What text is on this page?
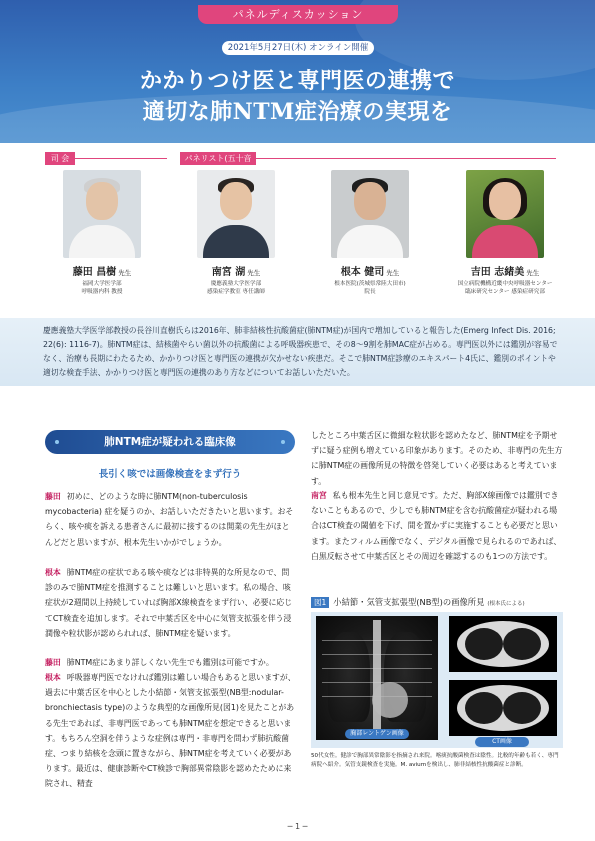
パネルディスカッション
2021年5月27日(木) オンライン開催
かかりつけ医と専門医の連携で
適切な肺NTM症治療の実現を
司 会	パネリスト(五十音
藤田 昌樹 先生
福岡大学医学部
呼吸器内科 教授
南宮 湖 先生
慶應義塾大学医学部
感染症学教室 専任講師
根本 健司 先生
根本医院(茨城県常陸大田市)
院長
吉田 志緒美 先生
国立病院機構近畿中央呼吸器センター
臨床研究センター 感染症研究部

慶應義塾大学医学部教授の長谷川直樹氏らは2016年、肺非結核性抗酸菌症(肺NTM症)が国内で増加していると報告した(Emerg Infect Dis. 2016; 22(6): 1116-7)。肺NTM症は、結核菌やらい菌以外の抗酸菌による呼吸器疾患で、その8～9割を肺MAC症が占める。専門医以外には鑑別が容易でなく、治療も長期にわたるため、かかりつけ医と専門医の連携が欠かせない疾患だ。そこで肺NTM症診療のエキスパート4氏に、鑑別のポイントや適切な検査手法、かかりつけ医と専門医の連携のあり方などについてお話しいただいた。

肺NTM症が疑われる臨床像
長引く咳では画像検査をまず行う

藤田 初めに、どのような時に肺NTM(non-tuberculosis mycobacteria) 症を疑うのか、お話しいただきたいと思います。おそらく、咳や痰を訴える患者さんに最初に接するのは開業の先生がほとんどだと思いますが、根本先生いかがでしょうか。

根本 肺NTM症の症状である咳や痰などは非特異的な所見なので、問診のみで肺NTM症を推測することは難しいと思います。私の場合、咳症状が2週間以上持続していれば胸部X線検査をまず行い、必要に応じてCT検査を追加します。それで中葉舌区を中心に気管支拡張を伴う浸潤像や粒状影が認められれば、肺NTM症を疑います。

藤田 肺NTM症にあまり詳しくない先生でも鑑別は可能ですか。

根本 呼吸器専門医でなければ鑑別は難しい場合もあると思いますが、過去に中葉舌区を中心とした小結節・気管支拡張型(NB型:nodular-bronchiectasis type)のような典型的な画像所見(図1)を見たことがある先生であれば、非専門医であっても肺NTM症を想定できると思います。もちろん空洞を伴うような症例は専門・非専門を問わず肺抗酸菌症、つまり結核を念頭に置きながら、肺NTM症を考えていく必要があります。最近は、健康診断やCT検診で胸部異常陰影を認めたために来院され、精査

したところ中葉舌区に微細な粒状影を認めたなど、肺NTM症を予期せずに疑う症例も増えている印象があります。そのため、非専門の先生方に肺NTM症の画像所見の特徴を啓発していく必要はあると考えています。

南宮 私も根本先生と同じ意見です。ただ、胸部X線画像では鑑別できないこともあるので、少しでも肺NTM症を含む抗酸菌症が疑われる場合はCT検査の閾値を下げ、間を置かずに実施することも必要だと思います。またフィルム画像でなく、デジタル画像で見られるのであれば、白黒反転させて中葉舌区とその周辺を確認するのも1つの方法です。

図1 小結節・気管支拡張型(NB型)の画像所見 (根本氏による)
胸部レントゲン画像
CT画像
50代女性。健診で胸部異常陰影を指摘され来院。喀痰抗酸菌検査は陰性。比較的年齢も若く、専門病院へ紹介。気管支鏡検査を実施。M. aviumを検出し、肺非結核性抗酸菌症と診断。
─ 1 ─
